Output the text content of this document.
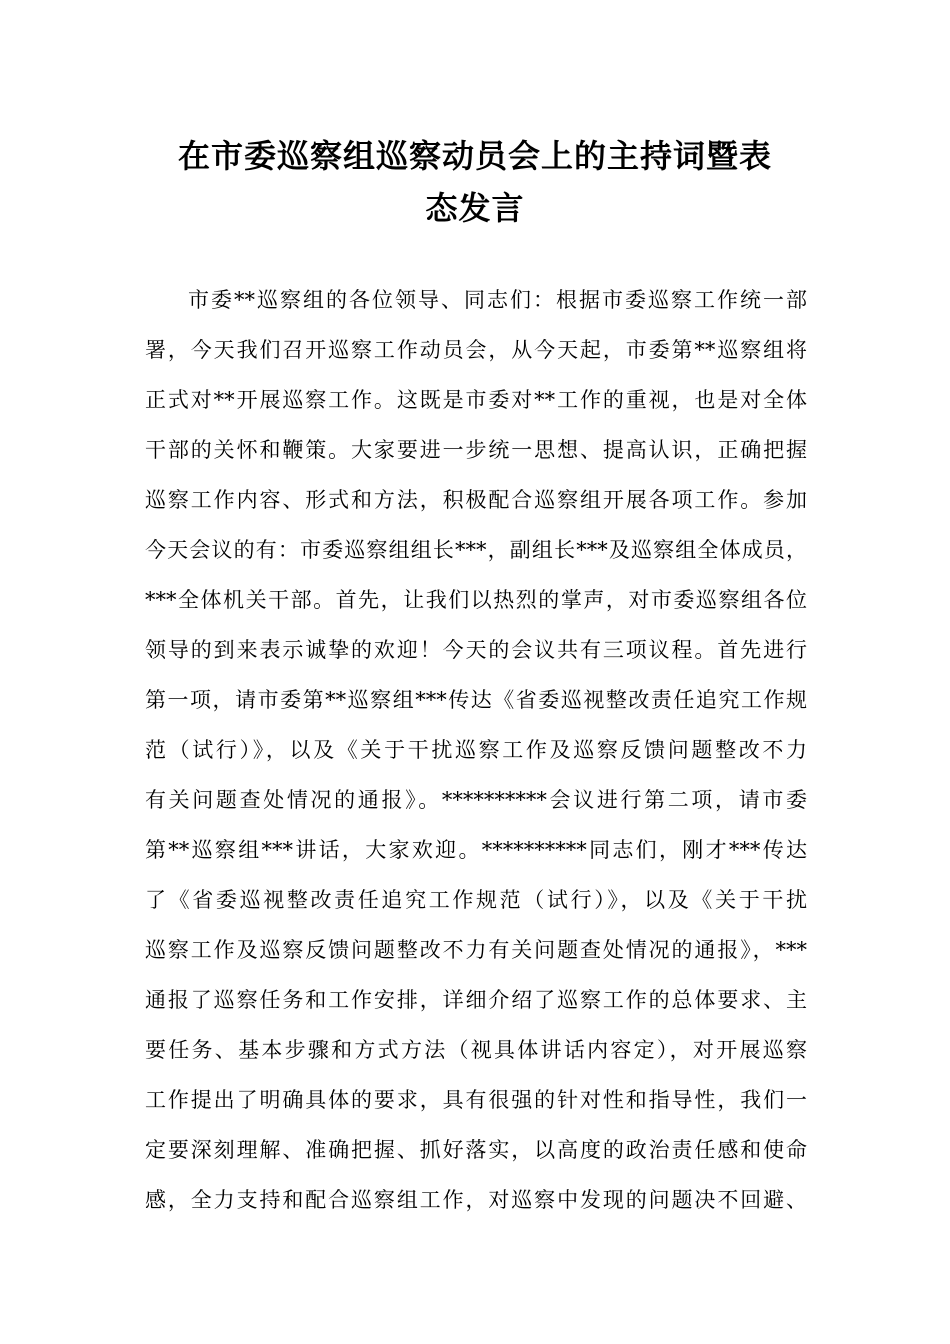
在市委巡察组巡察动员会上的主持词暨表
态发言
市委**巡察组的各位领导、同志们：根据市委巡察工作统一部
署，今天我们召开巡察工作动员会，从今天起，市委第**巡察组将
正式对**开展巡察工作。这既是市委对**工作的重视，也是对全体
干部的关怀和鞭策。大家要进一步统一思想、提高认识，正确把握
巡察工作内容、形式和方法，积极配合巡察组开展各项工作。参加
今天会议的有：市委巡察组组长***，副组长***及巡察组全体成员，
***全体机关干部。首先，让我们以热烈的掌声，对市委巡察组各位
领导的到来表示诚挚的欢迎！今天的会议共有三项议程。首先进行
第一项，请市委第**巡察组***传达《省委巡视整改责任追究工作规
范（试行）》，以及《关于干扰巡察工作及巡察反馈问题整改不力
有关问题查处情况的通报》。**********会议进行第二项，请市委
第**巡察组***讲话，大家欢迎。**********同志们，刚才***传达
了《省委巡视整改责任追究工作规范（试行）》，以及《关于干扰
巡察工作及巡察反馈问题整改不力有关问题查处情况的通报》，***
通报了巡察任务和工作安排，详细介绍了巡察工作的总体要求、主
要任务、基本步骤和方式方法（视具体讲话内容定），对开展巡察
工作提出了明确具体的要求，具有很强的针对性和指导性，我们一
定要深刻理解、准确把握、抓好落实，以高度的政治责任感和使命
感，全力支持和配合巡察组工作，对巡察中发现的问题决不回避、
